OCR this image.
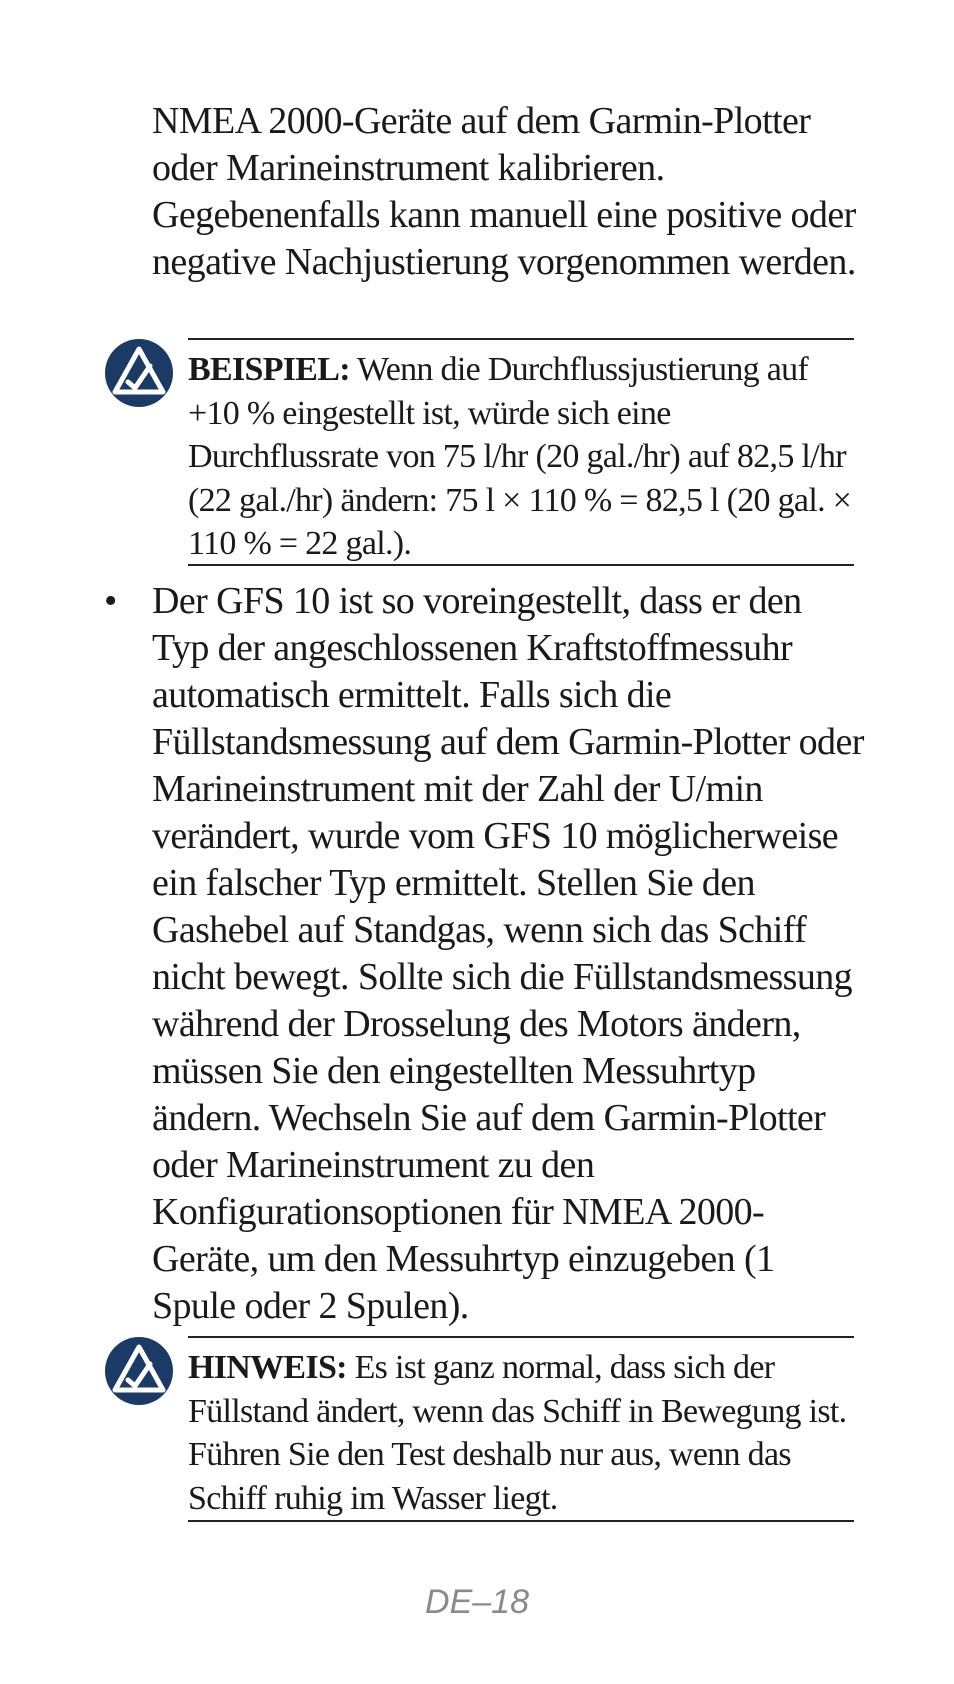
NMEA 2000-Geräte auf dem Garmin-Plotter oder Marineinstrument kalibrieren. Gegebenenfalls kann manuell eine positive oder negative Nachjustierung vorgenommen werden.

BEISPIEL: Wenn die Durchflussjustierung auf +10 % eingestellt ist, würde sich eine Durchflussrate von 75 l/hr (20 gal./hr) auf 82,5 l/hr (22 gal./hr) ändern: 75 l × 110 % = 82,5 l (20 gal. × 110 % = 22 gal.).
• Der GFS 10 ist so voreingestellt, dass er den Typ der angeschlossenen Kraftstoffmessuhr automatisch ermittelt. Falls sich die Füllstandsmessung auf dem Garmin-Plotter oder Marineinstrument mit der Zahl der U/min verändert, wurde vom GFS 10 möglicherweise ein falscher Typ ermittelt. Stellen Sie den Gashebel auf Standgas, wenn sich das Schiff nicht bewegt. Sollte sich die Füllstandsmessung während der Drosselung des Motors ändern, müssen Sie den eingestellten Messuhrtyp ändern. Wechseln Sie auf dem Garmin-Plotter oder Marineinstrument zu den Konfigurationsoptionen für NMEA 2000-Geräte, um den Messuhrtyp einzugeben (1 Spule oder 2 Spulen).

HINWEIS: Es ist ganz normal, dass sich der Füllstand ändert, wenn das Schiff in Bewegung ist. Führen Sie den Test deshalb nur aus, wenn das Schiff ruhig im Wasser liegt.
DE–18
